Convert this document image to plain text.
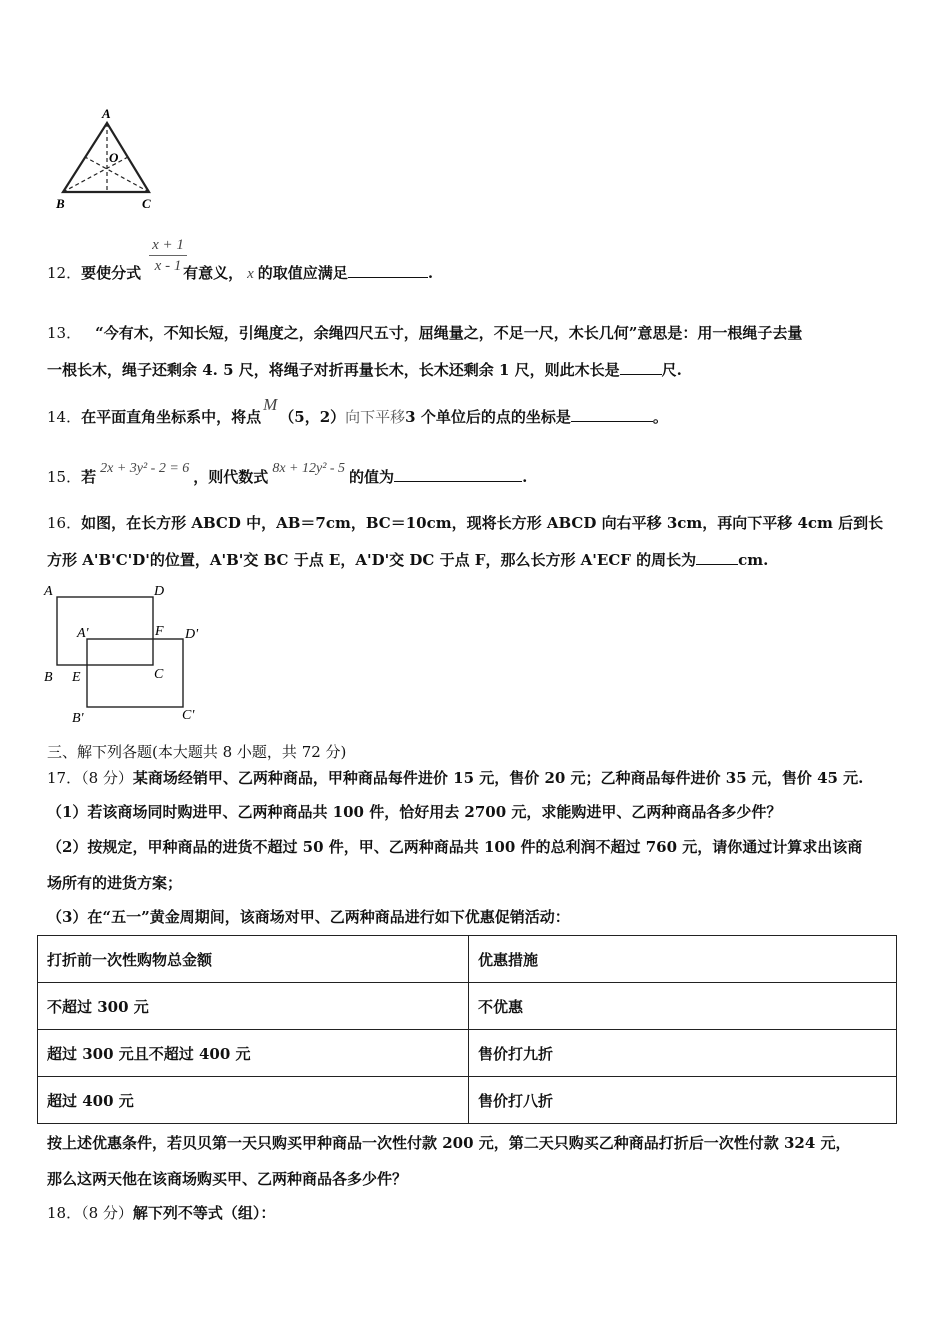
A
B	C
O
x + 1
x - 1
12．要使分式	有意义， x 的取值应满足	.
13． “今有木，不知长短，引绳度之，余绳四尺五寸，屈绳量之，不足一尺，木长几何”意思是：用一根绳子去量
一根长木，绳子还剩余 4. 5 尺，将绳子对折再量长木，长木还剩余 1 尺，则此木长是	尺.
14．在平面直角坐标系中，将点M（5，2）向下平移3 个单位后的点的坐标是	。
15．若 2x + 3y² - 2 = 6 ，则代数式 8x + 12y² - 5 的值为	.
16．如图，在长方形 ABCD 中，AB＝7cm，BC＝10cm，现将长方形 ABCD 向右平移 3cm，再向下平移 4cm 后到长
方形 A'B'C'D'的位置，A'B'交 BC 于点 E，A'D'交 DC 于点 F，那么长方形 A'ECF 的周长为	cm.
A	D
A'	F D'
B E	C
B'	C'
三、解下列各题(本大题共 8 小题，共 72 分)
17．（8 分）某商场经销甲、乙两种商品，甲种商品每件进价 15 元，售价 20 元；乙种商品每件进价 35 元，售价 45 元.
（1）若该商场同时购进甲、乙两种商品共 100 件，恰好用去 2700 元，求能购进甲、乙两种商品各多少件？
（2）按规定，甲种商品的进货不超过 50 件，甲、乙两种商品共 100 件的总利润不超过 760 元，请你通过计算求出该商
场所有的进货方案；
（3）在“五一”黄金周期间，该商场对甲、乙两种商品进行如下优惠促销活动：
打折前一次性购物总金额	优惠措施
不超过 300 元	不优惠
超过 300 元且不超过 400 元	售价打九折
超过 400 元	售价打八折
按上述优惠条件，若贝贝第一天只购买甲种商品一次性付款 200 元，第二天只购买乙种商品打折后一次性付款 324 元，
那么这两天他在该商场购买甲、乙两种商品各多少件？
18．（8 分）解下列不等式（组）：
